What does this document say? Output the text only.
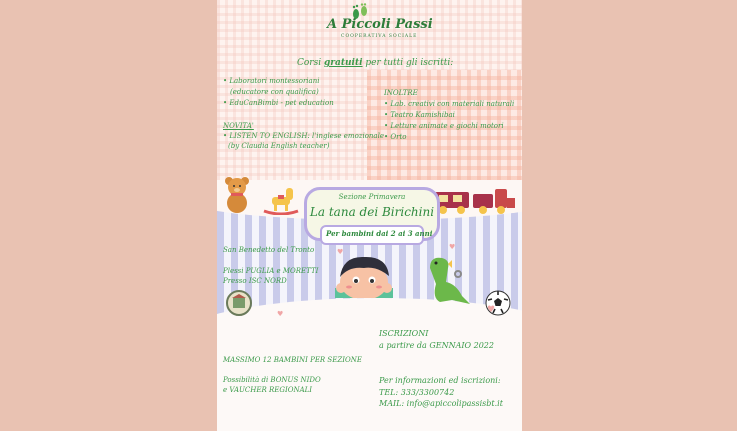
A Piccoli Passi

COOPERATIVA SOCIALE

Corsi gratuiti per tutti gli iscritti:

• Laboratori montessoriani

(educatore con qualifica)

• EduCanBimbi - pet education

NOVITA'

• LISTEN TO ENGLISH: l'inglese emozionale

(by Claudia English teacher)

INOLTRE

• Lab. creativi con materiali naturali

• Teatro Kamishibai

• Letture animate e giochi motori

• Orto

Sezione Primavera

La tana dei Birichini

Per bambini dai 2 ai 3 anni

San Benedetto del Tronto

Plessi PUGLIA e MORETTI

Presso ISC NORD

MASSIMO 12 BAMBINI PER SEZIONE

Possibilità di BONUS NIDO

e VAUCHER REGIONALI

ISCRIZIONI

a partire da GENNAIO 2022

Per informazioni ed iscrizioni:

TEL: 333/3300742

MAIL: info@apiccolipassisbt.it

♥
♥
♥
♥
